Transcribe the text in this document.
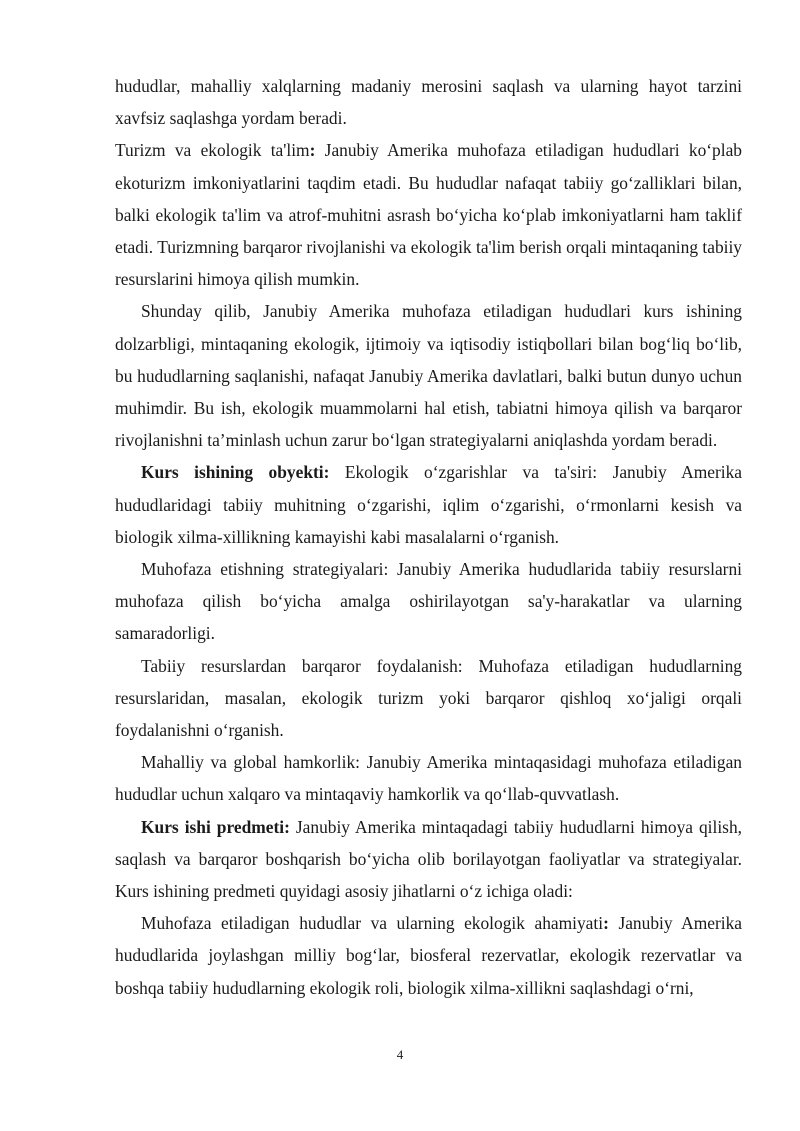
hududlar, mahalliy xalqlarning madaniy merosini saqlash va ularning hayot tarzini xavfsiz saqlashga yordam beradi.

Turizm va ekologik ta'lim: Janubiy Amerika muhofaza etiladigan hududlari ko‘plab ekoturizm imkoniyatlarini taqdim etadi. Bu hududlar nafaqat tabiiy go‘zalliklari bilan, balki ekologik ta'lim va atrof-muhitni asrash bo‘yicha ko‘plab imkoniyatlarni ham taklif etadi. Turizmning barqaror rivojlanishi va ekologik ta'lim berish orqali mintaqaning tabiiy resurslarini himoya qilish mumkin.

Shunday qilib, Janubiy Amerika muhofaza etiladigan hududlari kurs ishining dolzarbligi, mintaqaning ekologik, ijtimoiy va iqtisodiy istiqbollari bilan bog‘liq bo‘lib, bu hududlarning saqlanishi, nafaqat Janubiy Amerika davlatlari, balki butun dunyo uchun muhimdir. Bu ish, ekologik muammolarni hal etish, tabiatni himoya qilish va barqaror rivojlanishni ta’minlash uchun zarur bo‘lgan strategiyalarni aniqlashda yordam beradi.

Kurs ishining obyekti: Ekologik o‘zgarishlar va ta'siri: Janubiy Amerika hududlaridagi tabiiy muhitning o‘zgarishi, iqlim o‘zgarishi, o‘rmonlarni kesish va biologik xilma-xillikning kamayishi kabi masalalarni o‘rganish.

Muhofaza etishning strategiyalari: Janubiy Amerika hududlarida tabiiy resurslarni muhofaza qilish bo‘yicha amalga oshirilayotgan sa'y-harakatlar va ularning samaradorligi.

Tabiiy resurslardan barqaror foydalanish: Muhofaza etiladigan hududlarning resurslaridan, masalan, ekologik turizm yoki barqaror qishloq xo‘jaligi orqali foydalanishni o‘rganish.

Mahalliy va global hamkorlik: Janubiy Amerika mintaqasidagi muhofaza etiladigan hududlar uchun xalqaro va mintaqaviy hamkorlik va qo‘llab-quvvatlash.

Kurs ishi predmeti: Janubiy Amerika mintaqadagi tabiiy hududlarni himoya qilish, saqlash va barqaror boshqarish bo‘yicha olib borilayotgan faoliyatlar va strategiyalar. Kurs ishining predmeti quyidagi asosiy jihatlarni o‘z ichiga oladi:

Muhofaza etiladigan hududlar va ularning ekologik ahamiyati: Janubiy Amerika hududlarida joylashgan milliy bog‘lar, biosferal rezervatlar, ekologik rezervatlar va boshqa tabiiy hududlarning ekologik roli, biologik xilma-xillikni saqlashdagi o‘rni,

4
